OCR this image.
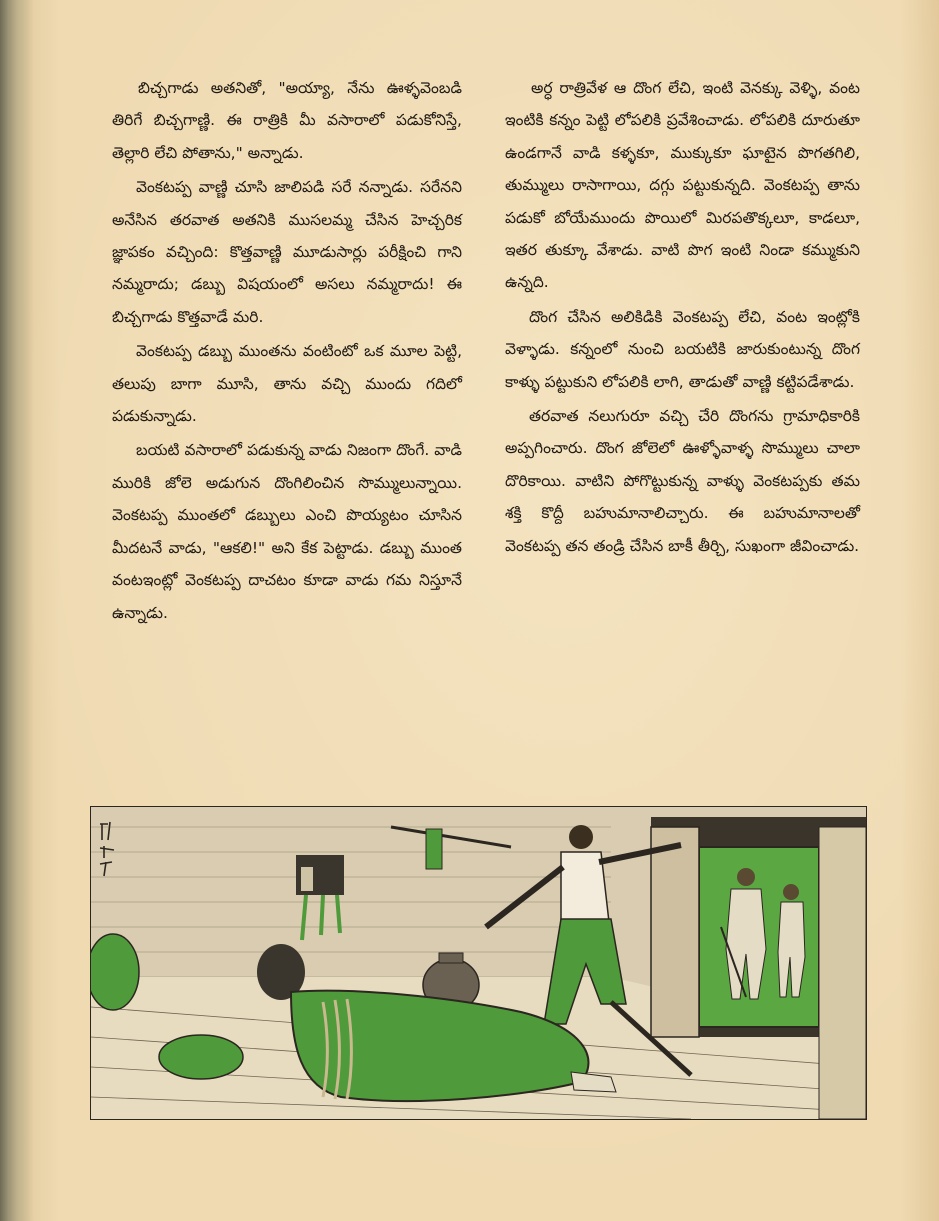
బిచ్చగాడు అతనితో, "అయ్యా, నేను ఊళ్ళవెంబడి తిరిగే బిచ్చగాణ్ణి. ఈ రాత్రికి మీ వసారాలో పడుకోనిస్తే, తెల్లారి లేచి పోతాను," అన్నాడు.

వెంకటప్ప వాణ్ణి చూసి జాలిపడి సరే నన్నాడు. సరేనని అనేసిన తరవాత అతనికి ముసలమ్మ చేసిన హెచ్చరిక జ్ఞాపకం వచ్చింది: కొత్తవాణ్ణి మూడుసార్లు పరీక్షించి గాని నమ్మరాదు; డబ్బు విషయంలో అసలు నమ్మరాదు! ఈ బిచ్చగాడు కొత్తవాడే మరి.

వెంకటప్ప డబ్బు ముంతను వంటింటో ఒక మూల పెట్టి, తలుపు బాగా మూసి, తాను వచ్చి ముందు గదిలో పడుకున్నాడు.

బయటి వసారాలో పడుకున్న వాడు నిజంగా దొంగే. వాడి మురికి జోలె అడుగున దొంగిలించిన సొమ్ములున్నాయి. వెంకటప్ప ముంతలో డబ్బులు ఎంచి పొయ్యటం చూసిన మీదటనే వాడు, "ఆకలి!" అని కేక పెట్టాడు. డబ్బు ముంత వంటఇంట్లో వెంకటప్ప దాచటం కూడా వాడు గమ నిస్తూనే ఉన్నాడు.

అర్ధ రాత్రివేళ ఆ దొంగ లేచి, ఇంటి వెనక్కు వెళ్ళి, వంట ఇంటికి కన్నం పెట్టి లోపలికి ప్రవేశించాడు. లోపలికి దూరుతూ ఉండగానే వాడి కళ్ళకూ, ముక్కుకూ ఘాటైన పొగతగిలి, తుమ్ములు రాసాగాయి, దగ్గు పట్టుకున్నది. వెంకటప్ప తాను పడుకో బోయేముందు పొయిలో మిరపతొక్కలూ, కాడలూ, ఇతర తుక్కూ వేశాడు. వాటి పొగ ఇంటి నిండా కమ్ముకుని ఉన్నది.

దొంగ చేసిన అలికిడికి వెంకటప్ప లేచి, వంట ఇంట్లోకి వెళ్ళాడు. కన్నంలో నుంచి బయటికి జారుకుంటున్న దొంగ కాళ్ళు పట్టుకుని లోపలికి లాగి, తాడుతో వాణ్ణి కట్టిపడేశాడు.

తరవాత నలుగురూ వచ్చి చేరి దొంగను గ్రామాధికారికి అప్పగించారు. దొంగ జోలెలో ఊళ్ళోవాళ్ళ సొమ్ములు చాలా దొరికాయి. వాటిని పోగొట్టుకున్న వాళ్ళు వెంకటప్పకు తమ శక్తి కొద్దీ బహుమానాలిచ్చారు. ఈ బహుమానాలతో వెంకటప్ప తన తండ్రి చేసిన బాకీ తీర్చి, సుఖంగా జీవించాడు.
